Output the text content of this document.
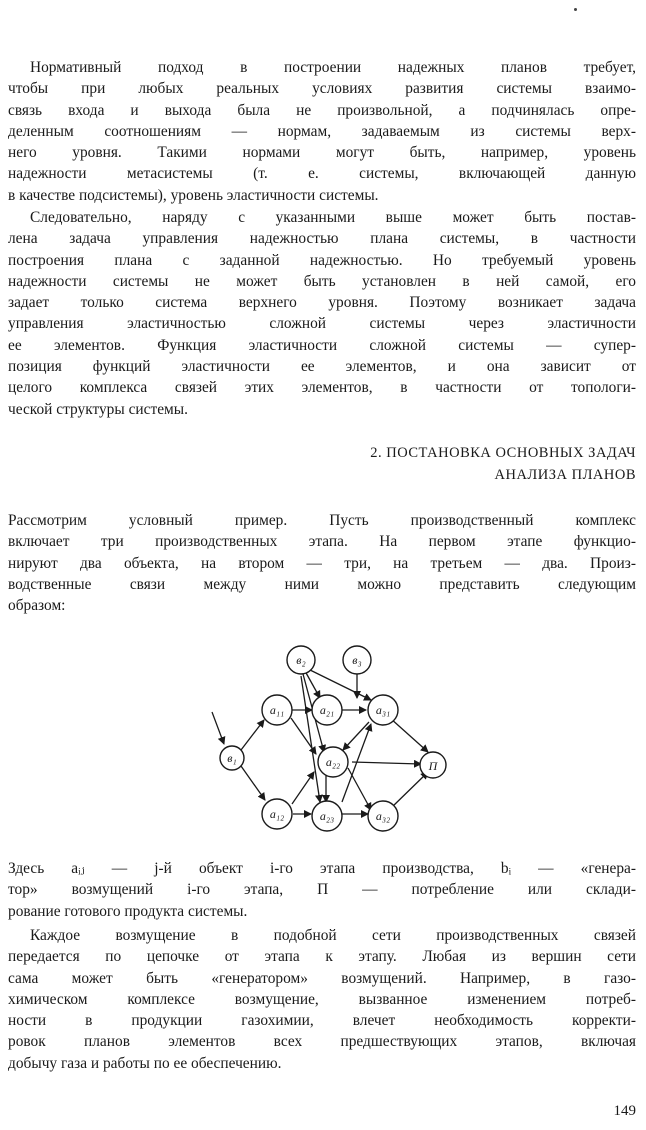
Нормативный подход в построении надежных планов требует,
чтобы при любых реальных условиях развития системы взаимо-
связь входа и выхода была не произвольной, а подчинялась опре-
деленным соотношениям — нормам, задаваемым из системы верх-
него уровня. Такими нормами могут быть, например, уровень
надежности метасистемы (т. е. системы, включающей данную
в качестве подсистемы), уровень эластичности системы.
Следовательно, наряду с указанными выше может быть постав-
лена задача управления надежностью плана системы, в частности
построения плана с заданной надежностью. Но требуемый уровень
надежности системы не может быть установлен в ней самой, его
задает только система верхнего уровня. Поэтому возникает задача
управления эластичностью сложной системы через эластичности
ее элементов. Функция эластичности сложной системы — супер-
позиция функций эластичности ее элементов, и она зависит от
целого комплекса связей этих элементов, в частности от топологи-
ческой структуры системы.
2. ПОСТАНОВКА ОСНОВНЫХ ЗАДАЧ
АНАЛИЗА ПЛАНОВ
Рассмотрим условный пример. Пусть производственный комплекс
включает три производственных этапа. На первом этапе функцио-
нируют два объекта, на втором — три, на третьем — два. Произ-
водственные связи между ними можно представить следующим
образом:
в₁
в₂	в₃
a₁₁	a₂₁	a₃₁
a₂₂	П
a₁₂	a₂₃	a₃₂
Здесь aᵢⱼ — j-й объект i-го этапа производства, bᵢ — «генера-
тор» возмущений i-го этапа, П — потребление или склади-
рование готового продукта системы.
Каждое возмущение в подобной сети производственных связей
передается по цепочке от этапа к этапу. Любая из вершин сети
сама может быть «генератором» возмущений. Например, в газо-
химическом комплексе возмущение, вызванное изменением потреб-
ности в продукции газохимии, влечет необходимость корректи-
ровок планов элементов всех предшествующих этапов, включая
добычу газа и работы по ее обеспечению.
149
